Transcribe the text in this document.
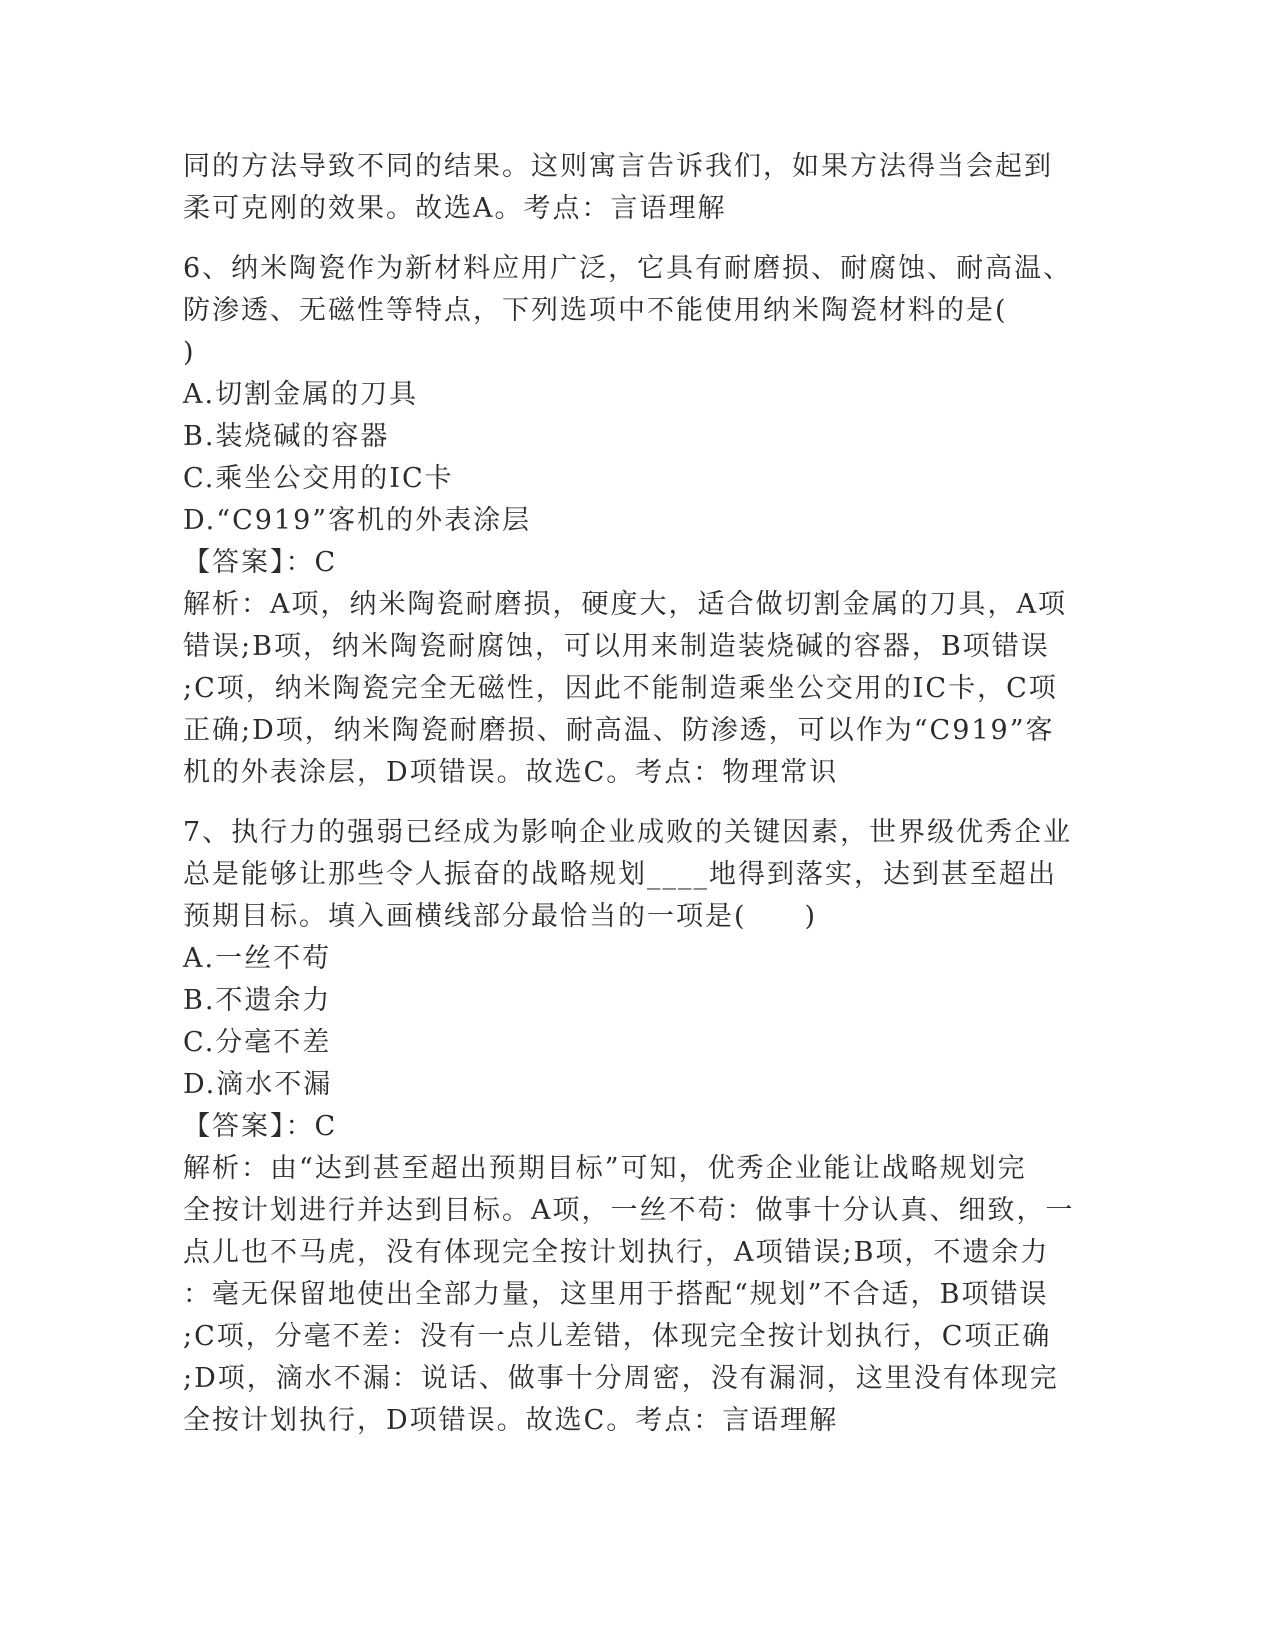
同的方法导致不同的结果。这则寓言告诉我们，如果方法得当会起到
柔可克刚的效果。故选A。考点：言语理解
6、纳米陶瓷作为新材料应用广泛，它具有耐磨损、耐腐蚀、耐高温、
防渗透、无磁性等特点，下列选项中不能使用纳米陶瓷材料的是(
)
A.切割金属的刀具
B.装烧碱的容器
C.乘坐公交用的IC卡
D.“C919”客机的外表涂层
【答案】：C
解析：A项，纳米陶瓷耐磨损，硬度大，适合做切割金属的刀具，A项
错误;B项，纳米陶瓷耐腐蚀，可以用来制造装烧碱的容器，B项错误
;C项，纳米陶瓷完全无磁性，因此不能制造乘坐公交用的IC卡，C项
正确;D项，纳米陶瓷耐磨损、耐高温、防渗透，可以作为“C919”客
机的外表涂层，D项错误。故选C。考点：物理常识
7、执行力的强弱已经成为影响企业成败的关键因素，世界级优秀企业
总是能够让那些令人振奋的战略规划____地得到落实，达到甚至超出
预期目标。填入画横线部分最恰当的一项是(　　)
A.一丝不苟
B.不遗余力
C.分毫不差
D.滴水不漏
【答案】：C
解析：由“达到甚至超出预期目标”可知，优秀企业能让战略规划完
全按计划进行并达到目标。A项，一丝不苟：做事十分认真、细致，一
点儿也不马虎，没有体现完全按计划执行，A项错误;B项，不遗余力
：毫无保留地使出全部力量，这里用于搭配“规划”不合适，B项错误
;C项，分毫不差：没有一点儿差错，体现完全按计划执行，C项正确
;D项，滴水不漏：说话、做事十分周密，没有漏洞，这里没有体现完
全按计划执行，D项错误。故选C。考点：言语理解
